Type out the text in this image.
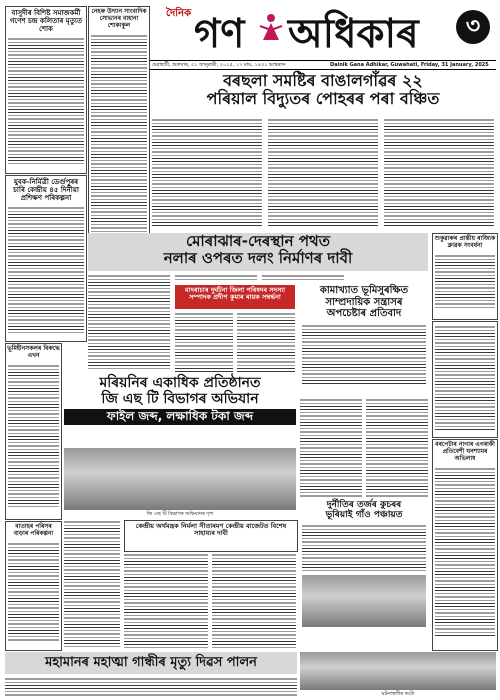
বাসুদীৰ বিশিষ্ট সমাজকৰ্মী গণেশ চন্দ্ৰ কলিতাৰ মৃত্যুত শোক
যুবক-নিৰ্মিত্ৰী ডেৰ্গুপুৰৰ চাৰি কেন্দ্ৰীয় ৪৫ দিনীয়া প্ৰশিক্ষণ পৰিকল্পনা
ভূমিহীনসকলৰ বিৰুদ্ধে এখন
বাতাহৰ পৰিসৰ বাড়াৰ পৰিকল্পনা
নেহৰু উদ্যান সাংবাদিক সোভানৰ বাহানা শোকাকুল
দৈনিক গণ অধিকাৰ	৩
গুৱাহাটী, শুক্ৰবাৰ, ৩১ জানুৱাৰী, ২০২৫, ১৭ মাঘ, ১৪৩১ ভাস্কৰাব্দ	Dainik Gana Adhikar, Guwahati, Friday, 31 January, 2025
বৰছলা সমষ্টিৰ বাঙালগাঁৱৰ ২২
পৰিয়াল বিদ্যুতৰ পোহৰৰ পৰা বঞ্চিত
মোৰাঝাৰ-দেৰস্থান পথত
নলাৰ ওপৰত দলং নিৰ্মাণৰ দাবী
শুকুৱাৰুৰ প্ৰান্তীয় ৰাজ্যিক ক্লাৱক সংবৰ্ধনা
বৰপেটাৰ নাগাৰ এগৰাকী প্ৰতিবেশী ঘনশ্যামৰ অভিলাষ
মাদৰাচাৰ দুৰ্ঘটনা জিলা পৰিষদৰ সদস্যা
সম্পাদক প্ৰদীপ কুমাৰ ৰায়ক সম্বৰ্দ্ধনা
কামাখ্যাত ভূমিসুৰক্ষিত
সাম্প্ৰদায়িক সন্ত্ৰাসৰ
অপচেষ্টাৰ প্ৰতিবাদ
মৰিয়নিৰ একাধিক প্ৰতিষ্ঠানত
জি এছ টি বিভাগৰ অভিযান
ফাইল জব্দ, লক্ষাধিক টকা জব্দ
জি এছ টি বিভাগৰ অভিযানৰ দৃশ্য
কেন্দ্ৰীয় অৰ্থমন্ত্ৰক নিৰ্মলা সীতাৰমণ কেন্দ্ৰীয় বাজেটত বিশেষ সাহায্যৰ দাবী
দুৰ্নীতিৰ তৰ্জৰ কুচৰৰ
ভূৰিয়াই গাঁও পঞ্চায়ত
মহামানৰ মহাত্মা গান্ধীৰ মৃত্যু দিৱস পালন
ঘটনাস্থলীৰ ফটো
